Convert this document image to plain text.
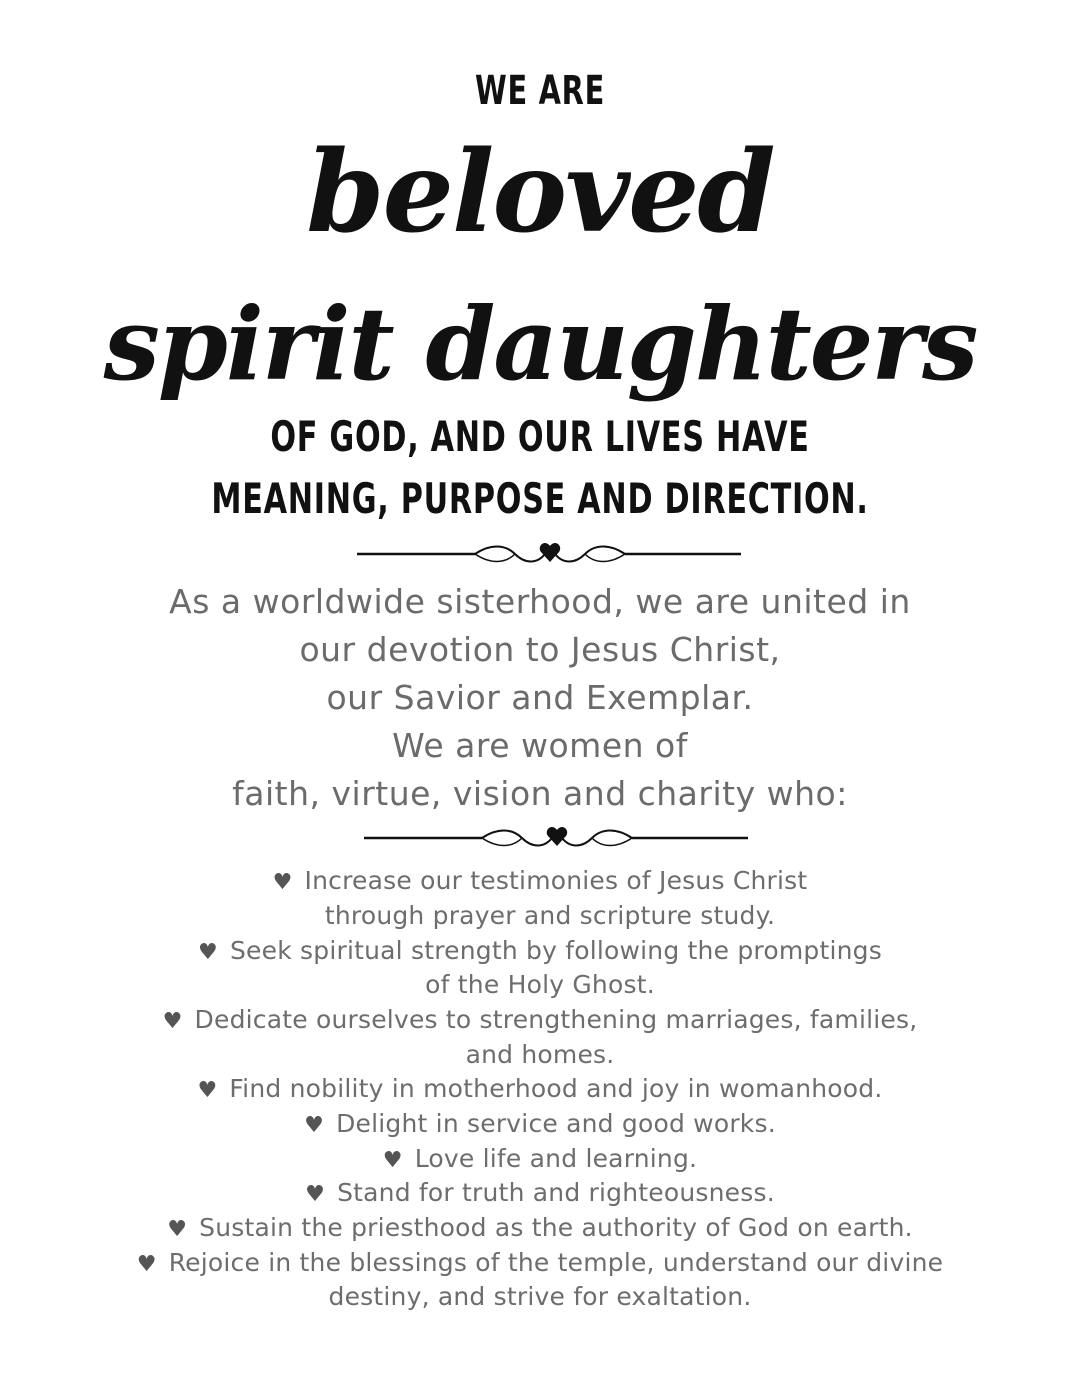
WE ARE
beloved
spirit daughters
OF GOD, AND OUR LIVES HAVE
MEANING, PURPOSE AND DIRECTION.
As a worldwide sisterhood, we are united in
our devotion to Jesus Christ,
our Savior and Exemplar.
We are women of
faith, virtue, vision and charity who:
♥ Increase our testimonies of Jesus Christ
through prayer and scripture study.
♥ Seek spiritual strength by following the promptings
of the Holy Ghost.
♥ Dedicate ourselves to strengthening marriages, families,
and homes.
♥ Find nobility in motherhood and joy in womanhood.
♥ Delight in service and good works.
♥ Love life and learning.
♥ Stand for truth and righteousness.
♥ Sustain the priesthood as the authority of God on earth.
♥ Rejoice in the blessings of the temple, understand our divine
destiny, and strive for exaltation.
